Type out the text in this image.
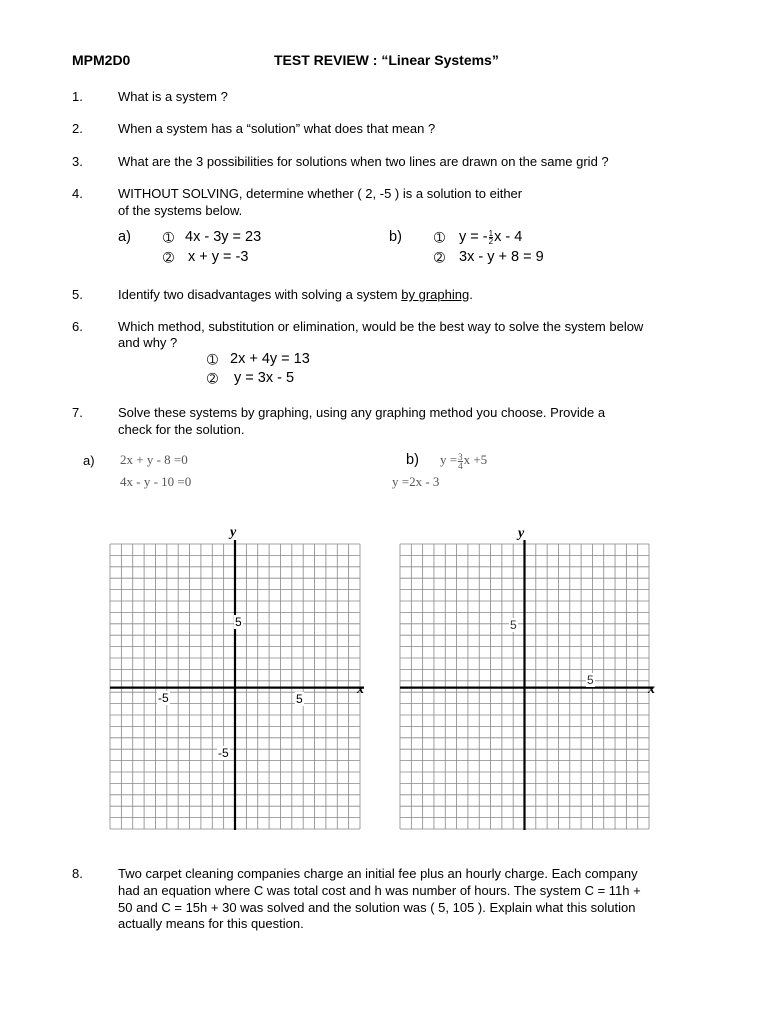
MPM2D0	TEST REVIEW : “Linear Systems”
1.	What is a system ?
2.	When a system has a “solution” what does that mean ?
3.	What are the 3 possibilities for solutions when two lines are drawn on the same grid ?
4.	WITHOUT SOLVING, determine whether ( 2, -5 ) is a solution to either
of the systems below.
a) ➀ 4x - 3y = 23
➁ x + y = -3
b) ➀ y = - $\frac{1}{2}$ x - 4
➁ 3x - y + 8 = 9
5.	Identify two disadvantages with solving a system by graphing.
6.	Which method, substitution or elimination, would be the best way to solve the system below
and why ?
➀ 2x + 4y = 13
➁ y = 3x - 5
7.	Solve these systems by graphing, using any graphing method you choose. Provide a
check for the solution.
a) 2x + y - 8 =0
4x - y - 10 =0
b) $y = \frac{3}{4}$ x +5
y =2x - 3
y
x
5
-5
-5	5
y
x
5
5
8.	Two carpet cleaning companies charge an initial fee plus an hourly charge. Each company
had an equation where C was total cost and h was number of hours. The system C = 11h +
50 and C = 15h + 30 was solved and the solution was ( 5, 105 ). Explain what this solution
actually means for this question.
